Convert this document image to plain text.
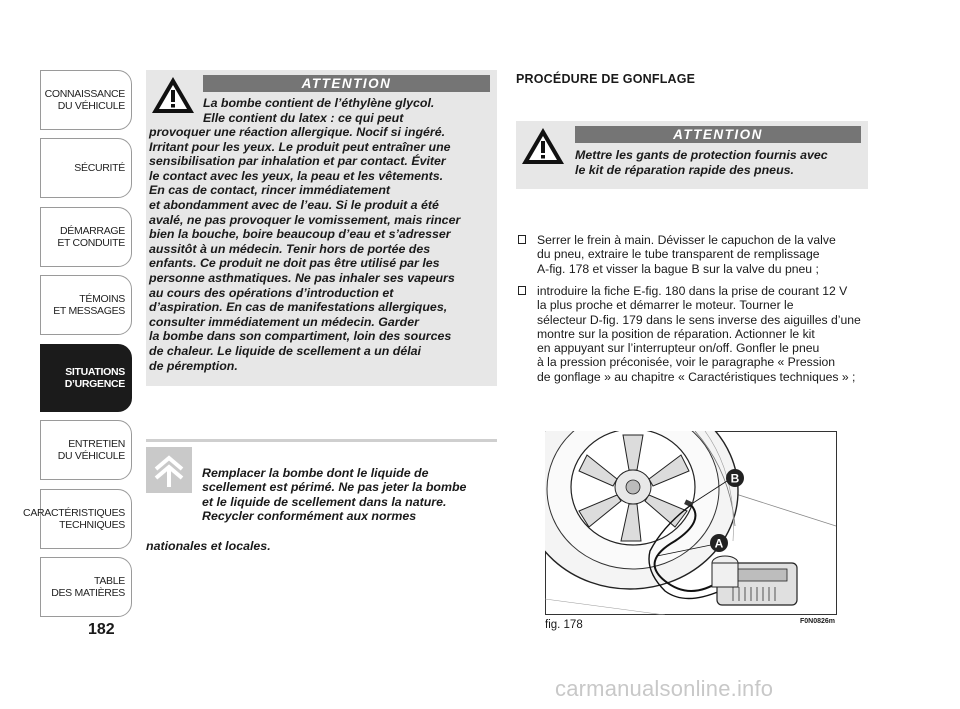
CONNAISSANCE
DU VÉHICULE
SÉCURITÉ
DÉMARRAGE
ET CONDUITE
TÉMOINS
ET MESSAGES
SITUATIONS
D’URGENCE
ENTRETIEN
DU VÉHICULE
CARACTÉRISTIQUES
TECHNIQUES
TABLE
DES MATIÈRES
182
ATTENTION
La bombe contient de l’éthylène glycol.
Elle contient du latex : ce qui peut
provoquer une réaction allergique. Nocif si ingéré.
Irritant pour les yeux. Le produit peut entraîner une
sensibilisation par inhalation et par contact. Éviter
le contact avec les yeux, la peau et les vêtements.
En cas de contact, rincer immédiatement
et abondamment avec de l’eau. Si le produit a été
avalé, ne pas provoquer le vomissement, mais rincer
bien la bouche, boire beaucoup d’eau et s’adresser
aussitôt à un médecin. Tenir hors de portée des
enfants. Ce produit ne doit pas être utilisé par les
personne asthmatiques. Ne pas inhaler ses vapeurs
au cours des opérations d’introduction et
d’aspiration. En cas de manifestations allergiques,
consulter immédiatement un médecin. Garder
la bombe dans son compartiment, loin des sources
de chaleur. Le liquide de scellement a un délai
de péremption.

Remplacer la bombe dont le liquide de
scellement est périmé. Ne pas jeter la bombe
et le liquide de scellement dans la nature.
Recycler conformément aux normes

nationales et locales.

PROCÉDURE DE GONFLAGE
ATTENTION
Mettre les gants de protection fournis avec
le kit de réparation rapide des pneus.
Serrer le frein à main. Dévisser le capuchon de la valve
du pneu, extraire le tube transparent de remplissage
A-fig. 178 et visser la bague B sur la valve du pneu ;
introduire la fiche E-fig. 180 dans la prise de courant 12 V
la plus proche et démarrer le moteur. Tourner le
sélecteur D-fig. 179 dans le sens inverse des aiguilles d’une
montre sur la position de réparation. Actionner le kit
en appuyant sur l’interrupteur on/off. Gonfler le pneu
à la pression préconisée, voir le paragraphe « Pression
de gonflage » au chapitre « Caractéristiques techniques » ;
B
A
fig. 178	F0N0826m
carmanualsonline.info
